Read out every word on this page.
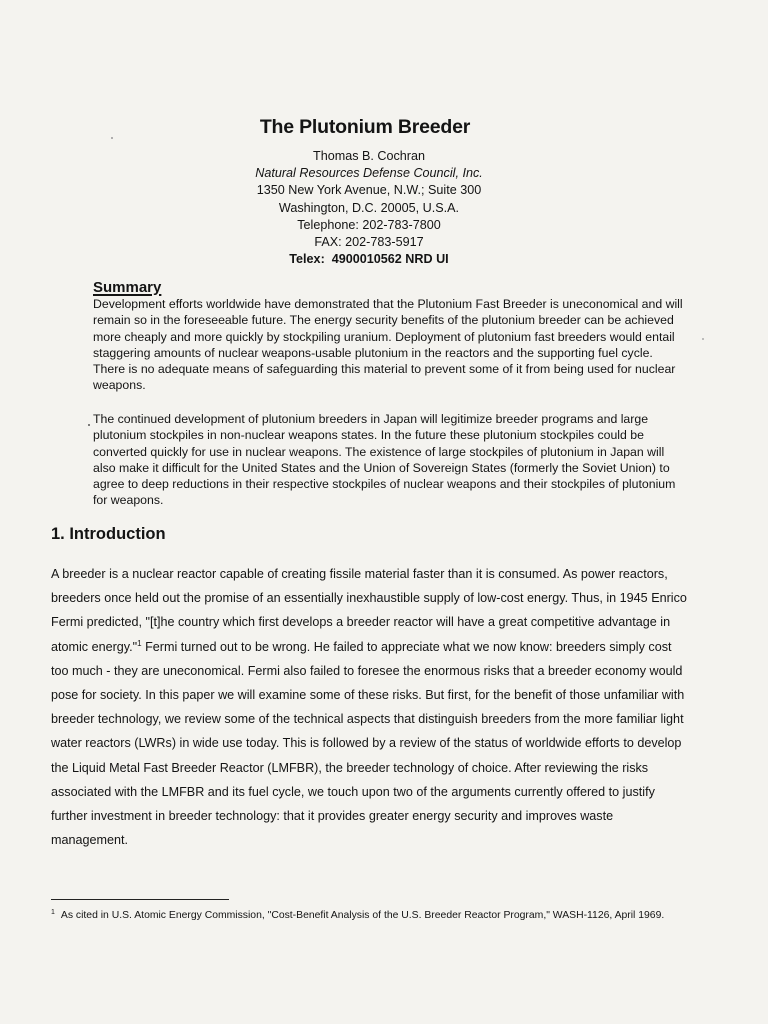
The Plutonium Breeder
Thomas B. Cochran
Natural Resources Defense Council, Inc.
1350 New York Avenue, N.W.; Suite 300
Washington, D.C. 20005, U.S.A.
Telephone: 202-783-7800
FAX: 202-783-5917
Telex:  4900010562 NRD UI
Summary

Development efforts worldwide have demonstrated that the Plutonium Fast Breeder is uneconomical and will remain so in the foreseeable future. The energy security benefits of the plutonium breeder can be achieved more cheaply and more quickly by stockpiling uranium. Deployment of plutonium fast breeders would entail staggering amounts of nuclear weapons-usable plutonium in the reactors and the supporting fuel cycle. There is no adequate means of safeguarding this material to prevent some of it from being used for nuclear weapons.

The continued development of plutonium breeders in Japan will legitimize breeder programs and large plutonium stockpiles in non-nuclear weapons states. In the future these plutonium stockpiles could be converted quickly for use in nuclear weapons. The existence of large stockpiles of plutonium in Japan will also make it difficult for the United States and the Union of Sovereign States (formerly the Soviet Union) to agree to deep reductions in their respective stockpiles of nuclear weapons and their stockpiles of plutonium for weapons.

1. Introduction

A breeder is a nuclear reactor capable of creating fissile material faster than it is consumed. As power reactors, breeders once held out the promise of an essentially inexhaustible supply of low-cost energy. Thus, in 1945 Enrico Fermi predicted, "[t]he country which first develops a breeder reactor will have a great competitive advantage in atomic energy."$^1$ Fermi turned out to be wrong. He failed to appreciate what we now know: breeders simply cost too much - they are uneconomical. Fermi also failed to foresee the enormous risks that a breeder economy would pose for society. In this paper we will examine some of these risks. But first, for the benefit of those unfamiliar with breeder technology, we review some of the technical aspects that distinguish breeders from the more familiar light water reactors (LWRs) in wide use today. This is followed by a review of the status of worldwide efforts to develop the Liquid Metal Fast Breeder Reactor (LMFBR), the breeder technology of choice. After reviewing the risks associated with the LMFBR and its fuel cycle, we touch upon two of the arguments currently offered to justify further investment in breeder technology: that it provides greater energy security and improves waste management.

$^1$ As cited in U.S. Atomic Energy Commission, "Cost-Benefit Analysis of the U.S. Breeder Reactor Program," WASH-1126, April 1969.
